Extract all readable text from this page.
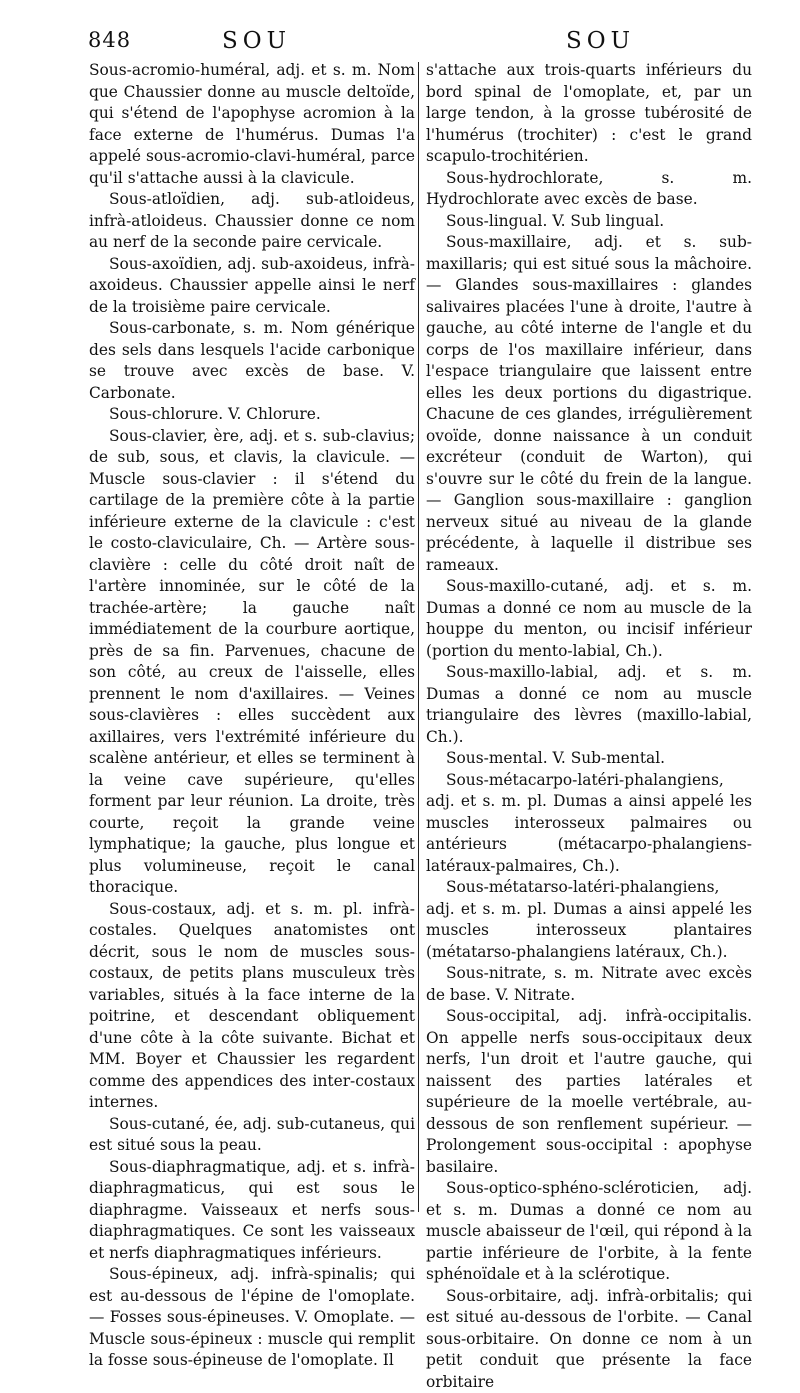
848	SOU	SOU

Sous-acromio-huméral, adj. et s. m. Nom que Chaussier donne au muscle deltoïde, qui s'étend de l'apophyse acromion à la face externe de l'humérus. Dumas l'a appelé sous-acromio-clavi-huméral, parce qu'il s'attache aussi à la clavicule.

Sous-atloïdien, adj. sub-atloideus, infrà-atloideus. Chaussier donne ce nom au nerf de la seconde paire cervicale.

Sous-axoïdien, adj. sub-axoideus, infrà-axoideus. Chaussier appelle ainsi le nerf de la troisième paire cervicale.

Sous-carbonate, s. m. Nom générique des sels dans lesquels l'acide carbonique se trouve avec excès de base. V. Carbonate.

Sous-chlorure. V. Chlorure.

Sous-clavier, ère, adj. et s. sub-clavius; de sub, sous, et clavis, la clavicule. — Muscle sous-clavier : il s'étend du cartilage de la première côte à la partie inférieure externe de la clavicule : c'est le costo-claviculaire, Ch. — Artère sous-clavière : celle du côté droit naît de l'artère innominée, sur le côté de la trachée-artère; la gauche naît immédiatement de la courbure aortique, près de sa fin. Parvenues, chacune de son côté, au creux de l'aisselle, elles prennent le nom d'axillaires. — Veines sous-clavières : elles succèdent aux axillaires, vers l'extrémité inférieure du scalène antérieur, et elles se terminent à la veine cave supérieure, qu'elles forment par leur réunion. La droite, très courte, reçoit la grande veine lymphatique; la gauche, plus longue et plus volumineuse, reçoit le canal thoracique.

Sous-costaux, adj. et s. m. pl. infrà-costales. Quelques anatomistes ont décrit, sous le nom de muscles sous-costaux, de petits plans musculeux très variables, situés à la face interne de la poitrine, et descendant obliquement d'une côte à la côte suivante. Bichat et MM. Boyer et Chaussier les regardent comme des appendices des inter-costaux internes.

Sous-cutané, ée, adj. sub-cutaneus, qui est situé sous la peau.

Sous-diaphragmatique, adj. et s. infrà-diaphragmaticus, qui est sous le diaphragme. Vaisseaux et nerfs sous-diaphragmatiques. Ce sont les vaisseaux et nerfs diaphragmatiques inférieurs.

Sous-épineux, adj. infrà-spinalis; qui est au-dessous de l'épine de l'omoplate. — Fosses sous-épineuses. V. Omoplate. — Muscle sous-épineux : muscle qui remplit la fosse sous-épineuse de l'omoplate. Il

s'attache aux trois-quarts inférieurs du bord spinal de l'omoplate, et, par un large tendon, à la grosse tubérosité de l'humérus (trochiter) : c'est le grand scapulo-trochitérien.

Sous-hydrochlorate, s. m. Hydrochlorate avec excès de base.

Sous-lingual. V. Sub lingual.

Sous-maxillaire, adj. et s. sub-maxillaris; qui est situé sous la mâchoire. — Glandes sous-maxillaires : glandes salivaires placées l'une à droite, l'autre à gauche, au côté interne de l'angle et du corps de l'os maxillaire inférieur, dans l'espace triangulaire que laissent entre elles les deux portions du digastrique. Chacune de ces glandes, irrégulièrement ovoïde, donne naissance à un conduit excréteur (conduit de Warton), qui s'ouvre sur le côté du frein de la langue. — Ganglion sous-maxillaire : ganglion nerveux situé au niveau de la glande précédente, à laquelle il distribue ses rameaux.

Sous-maxillo-cutané, adj. et s. m. Dumas a donné ce nom au muscle de la houppe du menton, ou incisif inférieur (portion du mento-labial, Ch.).

Sous-maxillo-labial, adj. et s. m. Dumas a donné ce nom au muscle triangulaire des lèvres (maxillo-labial, Ch.).

Sous-mental. V. Sub-mental.

Sous-métacarpo-latéri-phalangiens, adj. et s. m. pl. Dumas a ainsi appelé les muscles interosseux palmaires ou antérieurs (métacarpo-phalangiens-latéraux-palmaires, Ch.).

Sous-métatarso-latéri-phalangiens, adj. et s. m. pl. Dumas a ainsi appelé les muscles interosseux plantaires (métatarso-phalangiens latéraux, Ch.).

Sous-nitrate, s. m. Nitrate avec excès de base. V. Nitrate.

Sous-occipital, adj. infrà-occipitalis. On appelle nerfs sous-occipitaux deux nerfs, l'un droit et l'autre gauche, qui naissent des parties latérales et supérieure de la moelle vertébrale, au-dessous de son renflement supérieur. — Prolongement sous-occipital : apophyse basilaire.

Sous-optico-sphéno-scléroticien, adj. et s. m. Dumas a donné ce nom au muscle abaisseur de l'œil, qui répond à la partie inférieure de l'orbite, à la fente sphénoïdale et à la sclérotique.

Sous-orbitaire, adj. infrà-orbitalis; qui est situé au-dessous de l'orbite. — Canal sous-orbitaire. On donne ce nom à un petit conduit que présente la face orbitaire
